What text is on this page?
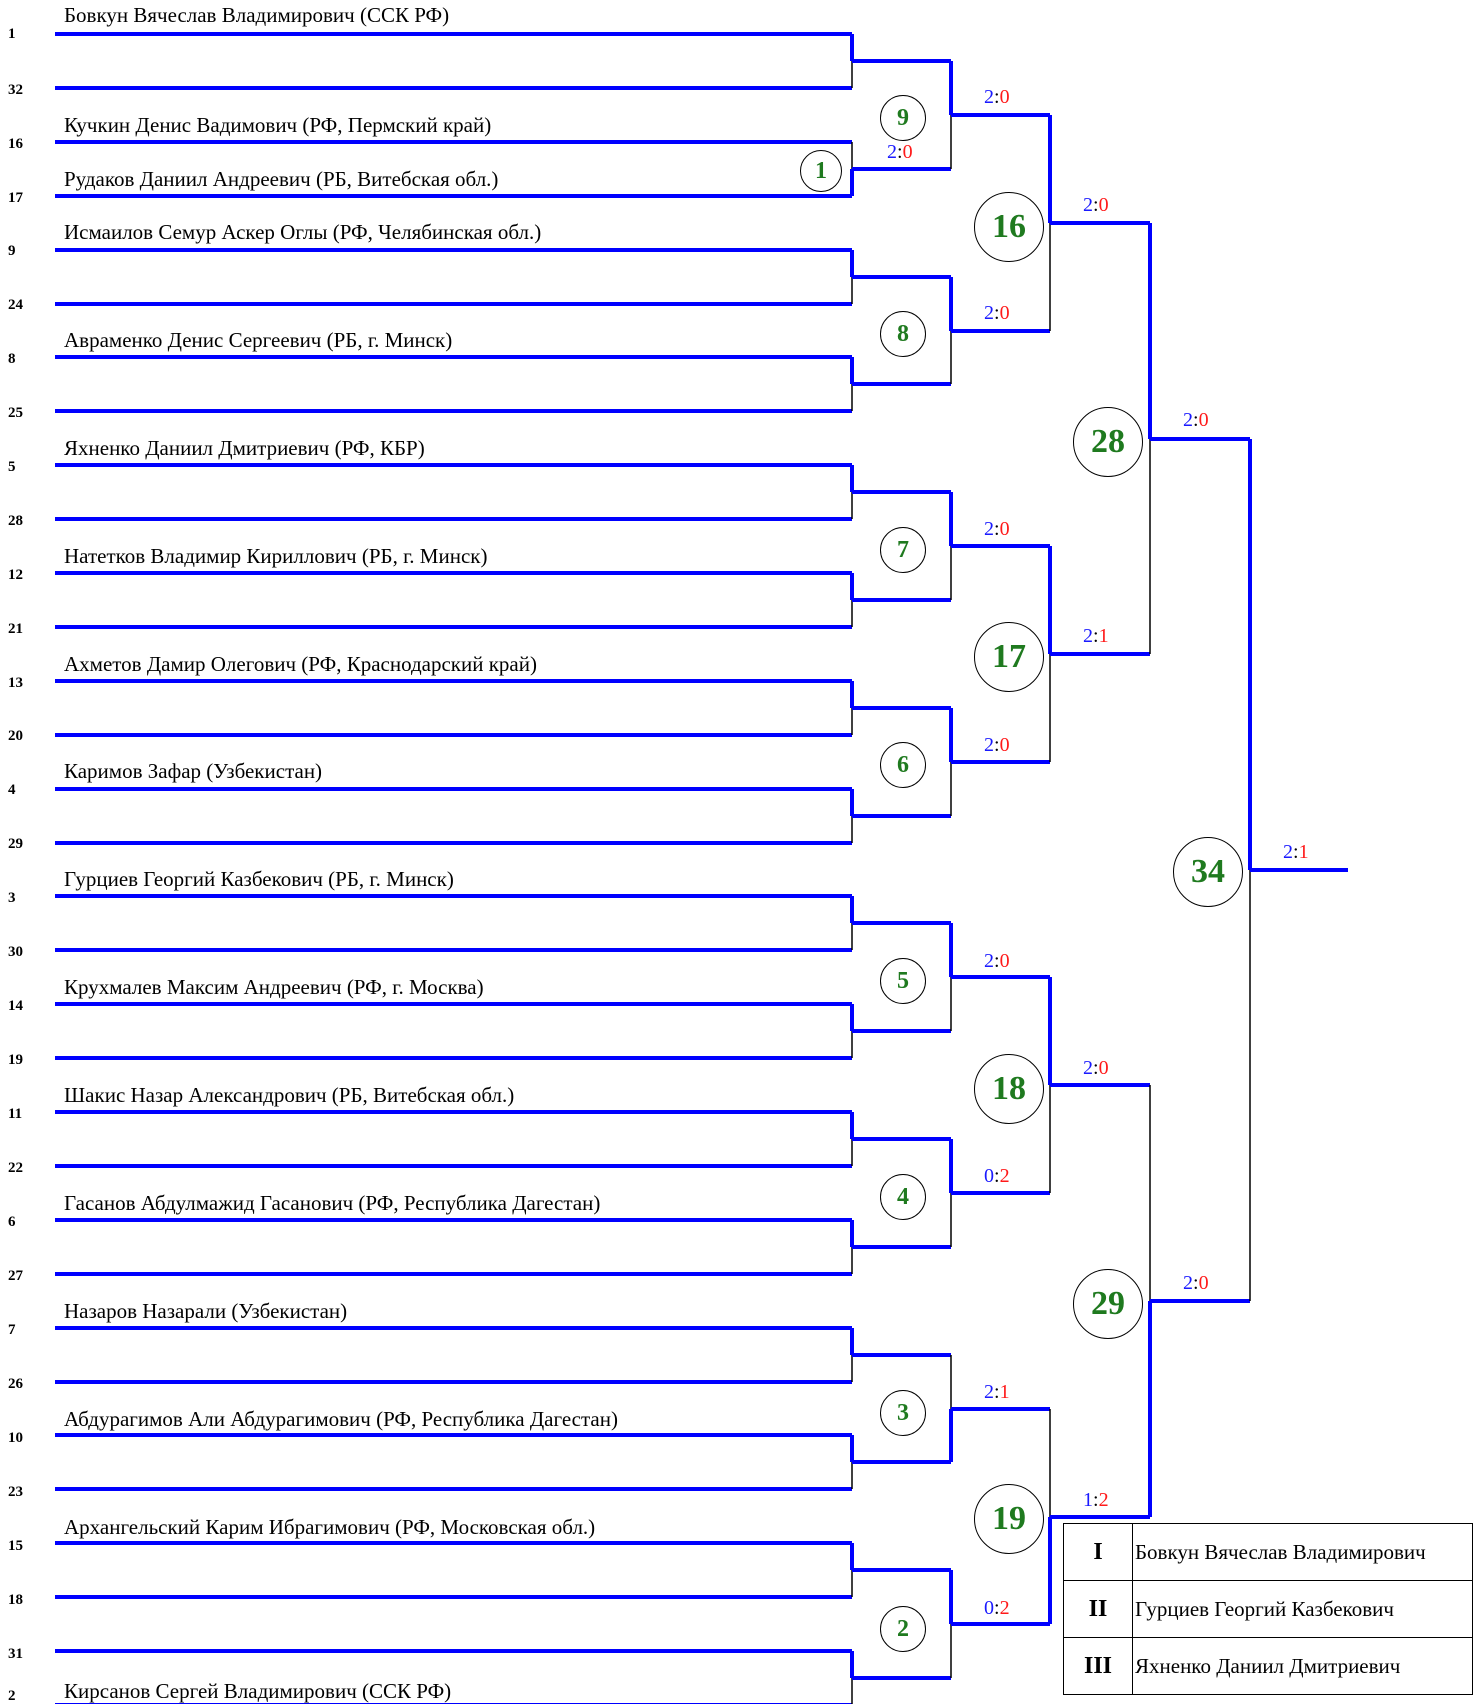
1
32
16
17
9
24
8
25
5
28
12
21
13
20
4
29
3
30
14
19
11
22
6
27
7
26
10
23
15
18
31
2
Бовкун Вячеслав Владимирович (ССК РФ)
Кучкин Денис Вадимович (РФ, Пермский край)
Рудаков Даниил Андреевич (РБ, Витебская обл.)
Исмаилов Семур Аскер Оглы (РФ, Челябинская обл.)
Авраменко Денис Сергеевич (РБ, г. Минск)
Яхненко Даниил Дмитриевич (РФ, КБР)
Натетков Владимир Кириллович (РБ, г. Минск)
Ахметов Дамир Олегович (РФ, Краснодарский край)
Каримов Зафар (Узбекистан)
Гурциев Георгий Казбекович (РБ, г. Минск)
Крухмалев Максим Андреевич (РФ, г. Москва)
Шакис Назар Александрович (РБ, Витебская обл.)
Гасанов Абдулмажид Гасанович (РФ, Республика Дагестан)
Назаров Назарали (Узбекистан)
Абдурагимов Али Абдурагимович (РФ, Республика Дагестан)
Архангельский Карим Ибрагимович (РФ, Московская обл.)
Кирсанов Сергей Владимирович (ССК РФ)
1
9
8
7
6
5
4
3
2
16
17
18
19
28
29
34
2:0
2:0
2:0
2:0
2:0
2:0
0:2
2:1
0:2
2:0
2:1
2:0
1:2
2:0
2:0
2:1
I	Бовкун Вячеслав Владимирович
II	Гурциев Георгий Казбекович
III	Яхненко Даниил Дмитриевич
